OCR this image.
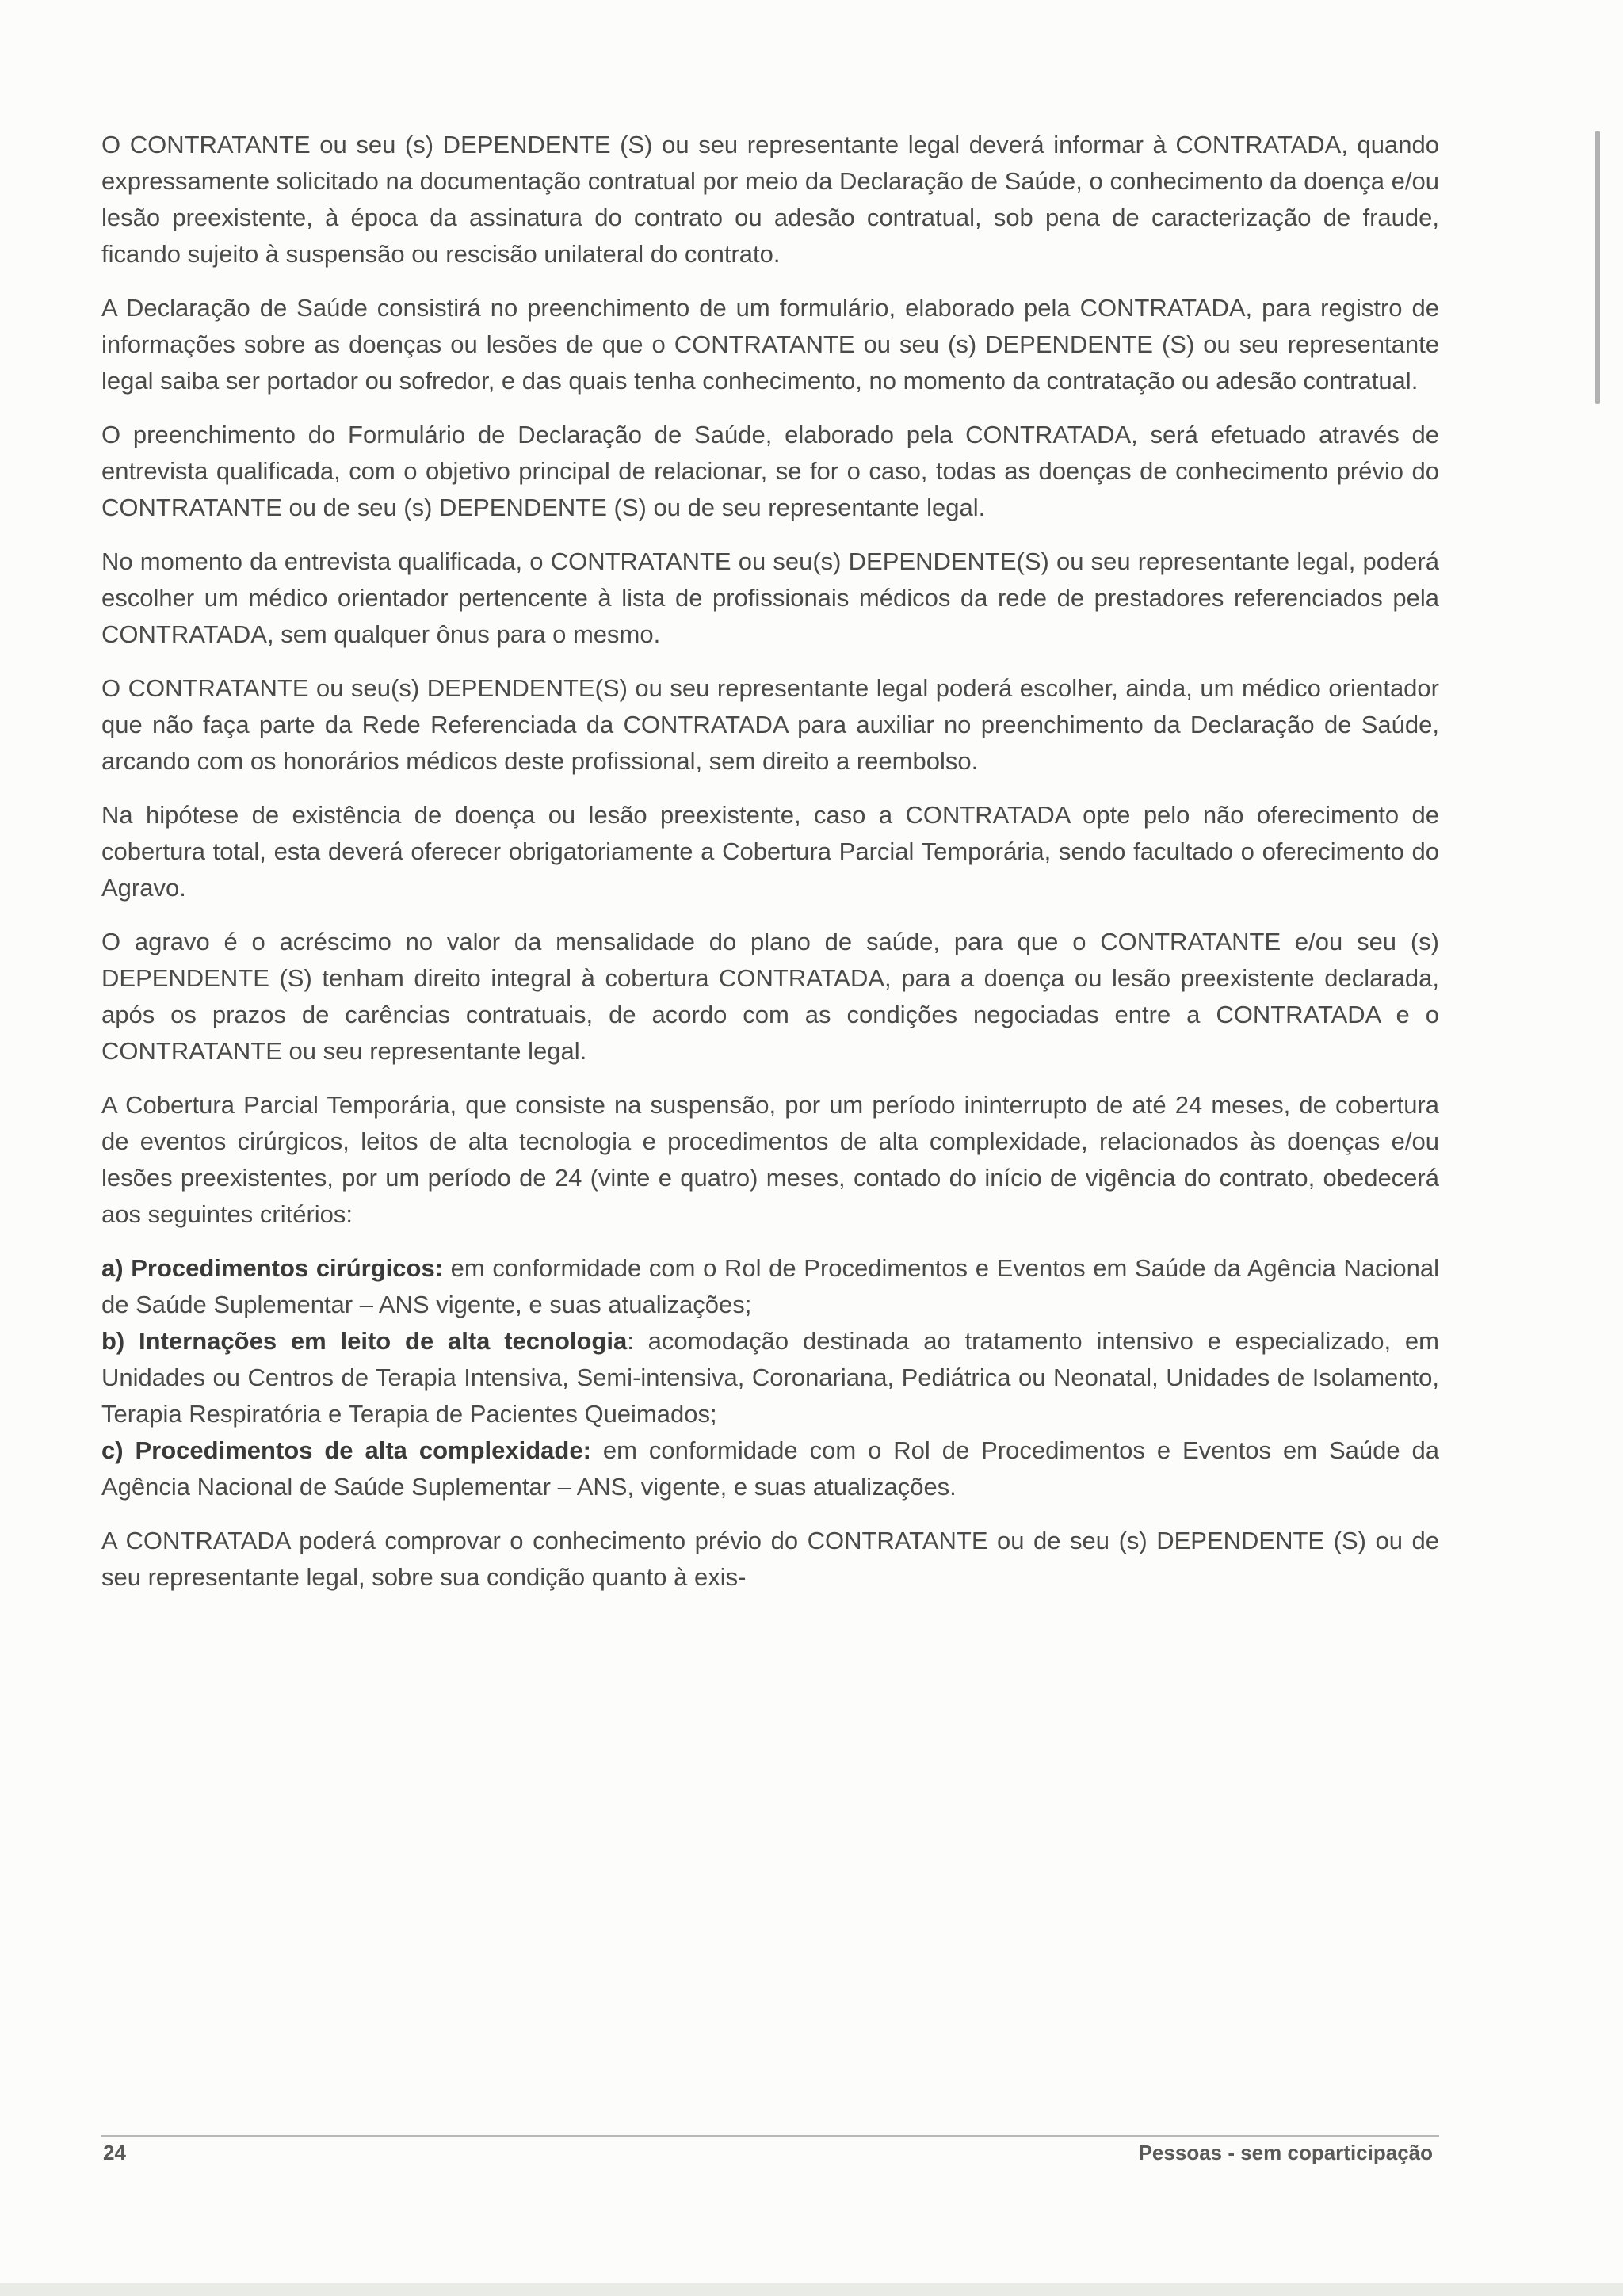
O CONTRATANTE ou seu (s) DEPENDENTE (S) ou seu representante legal deverá informar à CONTRATADA, quando expressamente solicitado na documentação contratual por meio da Declaração de Saúde, o conhecimento da doença e/ou lesão preexistente, à época da assinatura do contrato ou adesão contratual, sob pena de caracterização de fraude, ficando sujeito à suspensão ou rescisão unilateral do contrato.

A Declaração de Saúde consistirá no preenchimento de um formulário, elaborado pela CONTRATADA, para registro de informações sobre as doenças ou lesões de que o CONTRATANTE ou seu (s) DEPENDENTE (S) ou seu representante legal saiba ser portador ou sofredor, e das quais tenha conhecimento, no momento da contratação ou adesão contratual.

O preenchimento do Formulário de Declaração de Saúde, elaborado pela CONTRATADA, será efetuado através de entrevista qualificada, com o objetivo principal de relacionar, se for o caso, todas as doenças de conhecimento prévio do CONTRATANTE ou de seu (s) DEPENDENTE (S) ou de seu representante legal.

No momento da entrevista qualificada, o CONTRATANTE ou seu(s) DEPENDENTE(S) ou seu representante legal, poderá escolher um médico orientador pertencente à lista de profissionais médicos da rede de prestadores referenciados pela CONTRATADA, sem qualquer ônus para o mesmo.

O CONTRATANTE ou seu(s) DEPENDENTE(S) ou seu representante legal poderá escolher, ainda, um médico orientador que não faça parte da Rede Referenciada da CONTRATADA para auxiliar no preenchimento da Declaração de Saúde, arcando com os honorários médicos deste profissional, sem direito a reembolso.

Na hipótese de existência de doença ou lesão preexistente, caso a CONTRATADA opte pelo não oferecimento de cobertura total, esta deverá oferecer obrigatoriamente a Cobertura Parcial Temporária, sendo facultado o oferecimento do Agravo.

O agravo é o acréscimo no valor da mensalidade do plano de saúde, para que o CONTRATANTE e/ou seu (s) DEPENDENTE (S) tenham direito integral à cobertura CONTRATADA, para a doença ou lesão preexistente declarada, após os prazos de carências contratuais, de acordo com as condições negociadas entre a CONTRATADA e o CONTRATANTE ou seu representante legal.

A Cobertura Parcial Temporária, que consiste na suspensão, por um período ininterrupto de até 24 meses, de cobertura de eventos cirúrgicos, leitos de alta tecnologia e procedimentos de alta complexidade, relacionados às doenças e/ou lesões preexistentes, por um período de 24 (vinte e quatro) meses, contado do início de vigência do contrato, obedecerá aos seguintes critérios:

a) Procedimentos cirúrgicos: em conformidade com o Rol de Procedimentos e Eventos em Saúde da Agência Nacional de Saúde Suplementar – ANS vigente, e suas atualizações;

b) Internações em leito de alta tecnologia: acomodação destinada ao tratamento intensivo e especializado, em Unidades ou Centros de Terapia Intensiva, Semi-intensiva, Coronariana, Pediátrica ou Neonatal, Unidades de Isolamento, Terapia Respiratória e Terapia de Pacientes Queimados;

c) Procedimentos de alta complexidade: em conformidade com o Rol de Procedimentos e Eventos em Saúde da Agência Nacional de Saúde Suplementar – ANS, vigente, e suas atualizações.

A CONTRATADA poderá comprovar o conhecimento prévio do CONTRATANTE ou de seu (s) DEPENDENTE (S) ou de seu representante legal, sobre sua condição quanto à exis-

24	Pessoas - sem coparticipação
